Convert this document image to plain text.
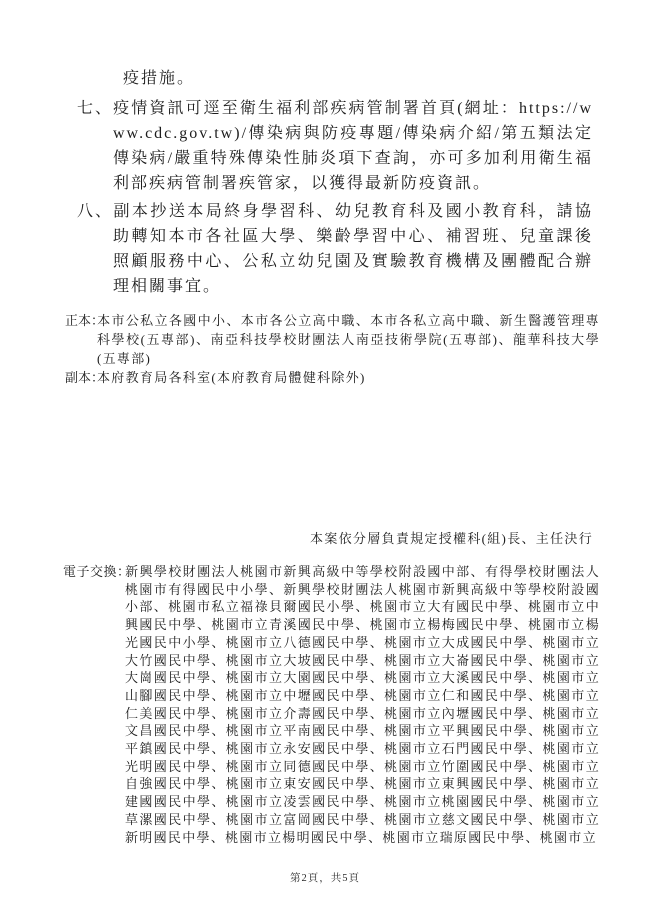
疫措施。

七、疫情資訊可逕至衛生福利部疾病管制署首頁(網址：https://www.cdc.gov.tw)/傳染病與防疫專題/傳染病介紹/第五類法定傳染病/嚴重特殊傳染性肺炎項下查詢，亦可多加利用衛生福利部疾病管制署疾管家，以獲得最新防疫資訊。

八、副本抄送本局終身學習科、幼兒教育科及國小教育科，請協助轉知本市各社區大學、樂齡學習中心、補習班、兒童課後照顧服務中心、公私立幼兒園及實驗教育機構及團體配合辦理相關事宜。

正本：本市公私立各國中小、本市各公立高中職、本市各私立高中職、新生醫護管理專科學校(五專部)、南亞科技學校財團法人南亞技術學院(五專部)、龍華科技大學(五專部)

副本：本府教育局各科室(本府教育局體健科除外)

本案依分層負責規定授權科(組)長、主任決行

電子交換：新興學校財團法人桃園市新興高級中等學校附設國中部、有得學校財團法人桃園市有得國民中小學、新興學校財團法人桃園市新興高級中等學校附設國小部、桃園市私立福祿貝爾國民小學、桃園市立大有國民中學、桃園市立中興國民中學、桃園市立青溪國民中學、桃園市立楊梅國民中學、桃園市立楊光國民中小學、桃園市立八德國民中學、桃園市立大成國民中學、桃園市立大竹國民中學、桃園市立大坡國民中學、桃園市立大崙國民中學、桃園市立大崗國民中學、桃園市立大園國民中學、桃園市立大溪國民中學、桃園市立山腳國民中學、桃園市立中壢國民中學、桃園市立仁和國民中學、桃園市立仁美國民中學、桃園市立介壽國民中學、桃園市立內壢國民中學、桃園市立文昌國民中學、桃園市立平南國民中學、桃園市立平興國民中學、桃園市立平鎮國民中學、桃園市立永安國民中學、桃園市立石門國民中學、桃園市立光明國民中學、桃園市立同德國民中學、桃園市立竹圍國民中學、桃園市立自強國民中學、桃園市立東安國民中學、桃園市立東興國民中學、桃園市立建國國民中學、桃園市立凌雲國民中學、桃園市立桃園國民中學、桃園市立草漯國民中學、桃園市立富岡國民中學、桃園市立慈文國民中學、桃園市立新明國民中學、桃園市立楊明國民中學、桃園市立瑞原國民中學、桃園市立

第2頁，共5頁
